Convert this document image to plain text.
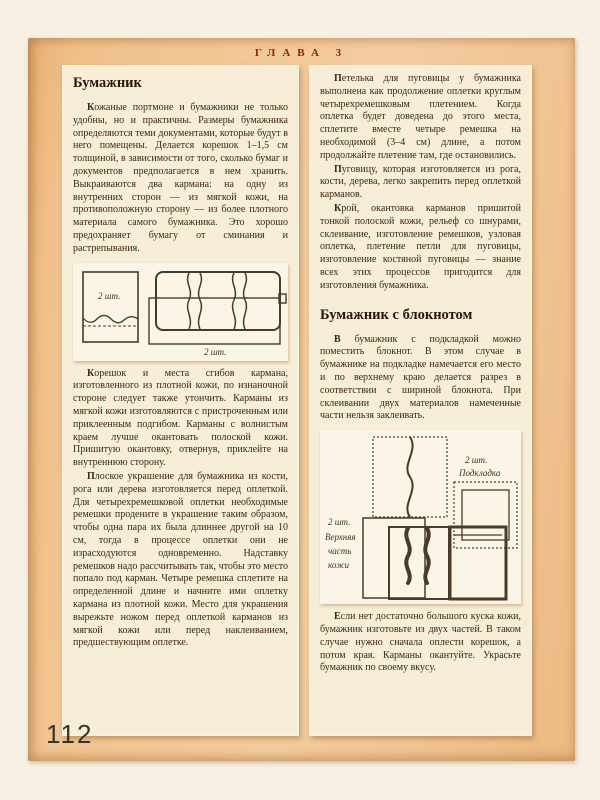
ГЛАВА 3
Бумажник

Кожаные портмоне и бумажники не только удобны, но и практичны. Размеры бумажника определяются теми документами, которые будут в него помещены. Делается корешок 1–1,5 см толщиной, в зависимости от того, сколько бумаг и документов предполагается в нем хранить. Выкраиваются два кармана: на одну из внутренних сторон — из мягкой кожи, на противоположную сторону — из более плотного материала самого бумажника. Это хорошо предохраняет бумагу от сминания и растрепывания.

2 шт.
2 шт.

Корешок и места сгибов кармана, изготовленного из плотной кожи, по изнаночной стороне следует также утончить. Карманы из мягкой кожи изготовляются с пристроченным или приклеенным подгибом. Карманы с волнистым краем лучше окантовать полоской кожи. Пришитую окантовку, отвернув, приклейте на внутреннюю сторону.

Плоское украшение для бумажника из кости, рога или дерева изготовляется перед оплеткой. Для четырехремешковой оплетки необходимые ремешки продените в украшение таким образом, чтобы одна пара их была длиннее другой на 10 см, тогда в процессе оплетки они не израсходуются одновременно. Надставку ремешков надо рассчитывать так, чтобы это место попало под карман. Четыре ремешка сплетите на определенной длине и начните ими оплетку кармана из плотной кожи. Место для украшения вырежьте ножом перед оплеткой карманов из мягкой кожи или перед наклеиванием, предшествующим оплетке.

Петелька для пуговицы у бумажника выполнена как продолжение оплетки круглым четырехремешковым плетением. Когда оплетка будет доведена до этого места, сплетите вместе четыре ремешка на необходимой (3–4 см) длине, а потом продолжайте плетение там, где остановились.

Пуговицу, которая изготовляется из рога, кости, дерева, легко закрепить перед оплеткой карманов.

Крой, окантовка карманов пришитой тонкой полоской кожи, рельеф со шнурами, склеивание, изготовление ремешков, узловая оплетка, плетение петли для пуговицы, изготовление костяной пуговицы — знание всех этих процессов пригодится для изготовления бумажника.

Бумажник с блокнотом

В бумажник с подкладкой можно поместить блокнот. В этом случае в бумажнике на подкладке намечается его место и по верхнему краю делается разрез в соответствии с шириной блокнота. При склеивании двух материалов намеченные части нельзя заклеивать.

2 шт.
Подкладка
2 шт.
Верхняя
часть
кожи

Если нет достаточно большого куска кожи, бумажник изготовьте из двух частей. В таком случае нужно сначала оплести корешок, а потом края. Карманы окантуйте. Украсьте бумажник по своему вкусу.

112
